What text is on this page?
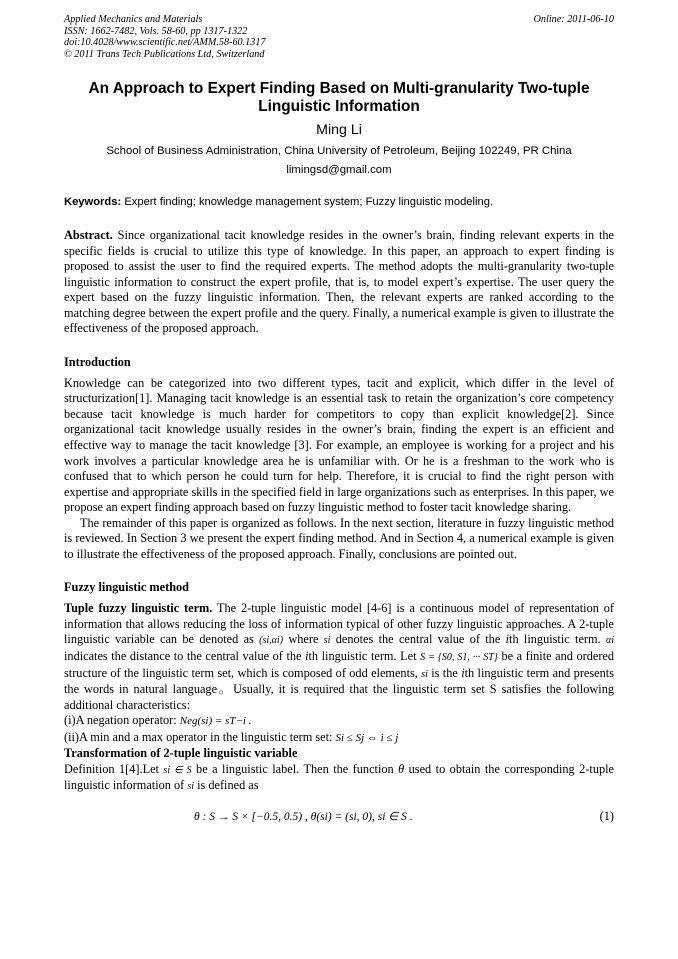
Applied Mechanics and Materials
ISSN: 1662-7482, Vols. 58-60, pp 1317-1322
doi:10.4028/www.scientific.net/AMM.58-60.1317
© 2011 Trans Tech Publications Ltd, Switzerland
Online: 2011-06-10
An Approach to Expert Finding Based on Multi-granularity Two-tuple Linguistic Information
Ming Li
School of Business Administration, China University of Petroleum, Beijing 102249, PR China
limingsd@gmail.com
Keywords: Expert finding; knowledge management system; Fuzzy linguistic modeling.

Abstract. Since organizational tacit knowledge resides in the owner’s brain, finding relevant experts in the specific fields is crucial to utilize this type of knowledge. In this paper, an approach to expert finding is proposed to assist the user to find the required experts. The method adopts the multi-granularity two-tuple linguistic information to construct the expert profile, that is, to model expert’s expertise. The user query the expert based on the fuzzy linguistic information. Then, the relevant experts are ranked according to the matching degree between the expert profile and the query. Finally, a numerical example is given to illustrate the effectiveness of the proposed approach.

Introduction

Knowledge can be categorized into two different types, tacit and explicit, which differ in the level of structurization[1]. Managing tacit knowledge is an essential task to retain the organization’s core competency because tacit knowledge is much harder for competitors to copy than explicit knowledge[2]. Since organizational tacit knowledge usually resides in the owner’s brain, finding the expert is an efficient and effective way to manage the tacit knowledge [3]. For example, an employee is working for a project and his work involves a particular knowledge area he is unfamiliar with. Or he is a freshman to the work who is confused that to which person he could turn for help. Therefore, it is crucial to find the right person with expertise and appropriate skills in the specified field in large organizations such as enterprises. In this paper, we propose an expert finding approach based on fuzzy linguistic method to foster tacit knowledge sharing.

The remainder of this paper is organized as follows. In the next section, literature in fuzzy linguistic method is reviewed. In Section 3 we present the expert finding method. And in Section 4, a numerical example is given to illustrate the effectiveness of the proposed approach. Finally, conclusions are pointed out.

Fuzzy linguistic method

Tuple fuzzy linguistic term. The 2-tuple linguistic model [4-6] is a continuous model of representation of information that allows reducing the loss of information typical of other fuzzy linguistic approaches. A 2-tuple linguistic variable can be denoted as (si,αi) where si denotes the central value of the ith linguistic term. αi indicates the distance to the central value of the ith linguistic term. Let S = {S0, S1, ··· ST} be a finite and ordered structure of the linguistic term set, which is composed of odd elements, si is the ith linguistic term and presents the words in natural language。Usually, it is required that the linguistic term set S satisfies the following additional characteristics:

(i)A negation operator: Neg(si) = sT−i .

(ii)A min and a max operator in the linguistic term set: Si ≤ Sj ⇔ i ≤ j

Transformation of 2-tuple linguistic variable

Definition 1[4].Let si ∈ S be a linguistic label. Then the function θ used to obtain the corresponding 2-tuple linguistic information of si is defined as

θ : S → S × [−0.5, 0.5) , θ(si) = (si, 0), si ∈ S .	(1)
